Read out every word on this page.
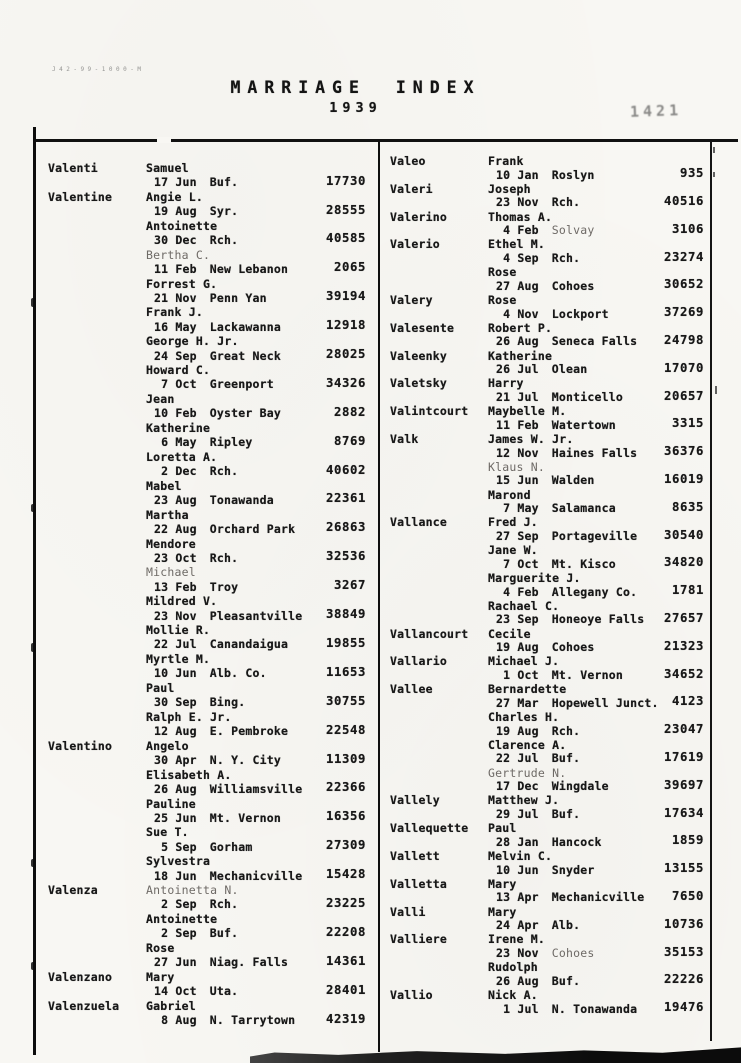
J42-99-1000-M
MARRIAGE INDEX
1939	1421
Valenti	Samuel
17 Jun Buf.	17730
Valentine	Angie L.
19 Aug Syr.	28555
Antoinette
30 Dec Rch.	40585
Bertha C.
11 Feb New Lebanon	2065
Forrest G.
21 Nov Penn Yan	39194
Frank J.
16 May Lackawanna	12918
George H. Jr.
24 Sep Great Neck	28025
Howard C.
7 Oct Greenport	34326
Jean
10 Feb Oyster Bay	2882
Katherine
6 May Ripley	8769
Loretta A.
2 Dec Rch.	40602
Mabel
23 Aug Tonawanda	22361
Martha
22 Aug Orchard Park 26863
Mendore
23 Oct Rch.	32536
Michael
13 Feb Troy	3267
Mildred V.
23 Nov Pleasantville 38849
Mollie R.
22 Jul Canandaigua	19855
Myrtle M.
10 Jun Alb. Co.	11653
Paul
30 Sep Bing.	30755
Ralph E. Jr.
12 Aug E. Pembroke	22548
Valentino	Angelo
30 Apr N. Y. City	11309
Elisabeth A.
26 Aug Williamsville 22366
Pauline
25 Jun Mt. Vernon	16356
Sue T.
5 Sep Gorham	27309
Sylvestra
18 Jun Mechanicville 15428
Valenza	Antoinetta N.
2 Sep Rch.	23225
Antoinette
2 Sep Buf.	22208
Rose
27 Jun Niag. Falls	14361
Valenzano	Mary
14 Oct Uta.	28401
Valenzuela Gabriel
8 Aug N. Tarrytown 42319
Valeo	Frank
10 Jan Roslyn	935
Valeri	Joseph
23 Nov Rch.	40516
Valerino	Thomas A.
4 Feb Solvay	3106
Valerio	Ethel M.
4 Sep Rch.	23274
Rose
27 Aug Cohoes	30652
Valery	Rose
4 Nov Lockport	37269
Valesente	Robert P.
26 Aug Seneca Falls 24798
Valeenky	Katherine
26 Jul Olean	17070
Valetsky	Harry
21 Jul Monticello	20657
Valintcourt Maybelle M.
11 Feb Watertown	3315
Valk	James W. Jr.
12 Nov Haines Falls 36376
Klaus N.
15 Jun Walden	16019
Marond
7 May Salamanca	8635
Vallance	Fred J.
27 Sep Portageville 30540
Jane W.
7 Oct Mt. Kisco	34820
Marguerite J.
4 Feb Allegany Co.	1781
Rachael C.
23 Sep Honeoye Falls 27657
Vallancourt Cecile
19 Aug Cohoes	21323
Vallario	Michael J.
1 Oct Mt. Vernon	34652
Vallee	Bernardette
27 Mar Hopewell Junct. 4123
Charles H.
19 Aug Rch.	23047
Clarence A.
22 Jul Buf.	17619
Gertrude N.
17 Dec Wingdale	39697
Vallely	Matthew J.
29 Jul Buf.	17634
Vallequette Paul
28 Jan Hancock	1859
Vallett	Melvin C.
10 Jun Snyder	13155
Valletta	Mary
13 Apr Mechanicville 7650
Valli	Mary
24 Apr Alb.	10736
Valliere	Irene M.
23 Nov Cohoes	35153
Rudolph
26 Aug Buf.	22226
Vallio	Nick A.
1 Jul N. Tonawanda 19476
